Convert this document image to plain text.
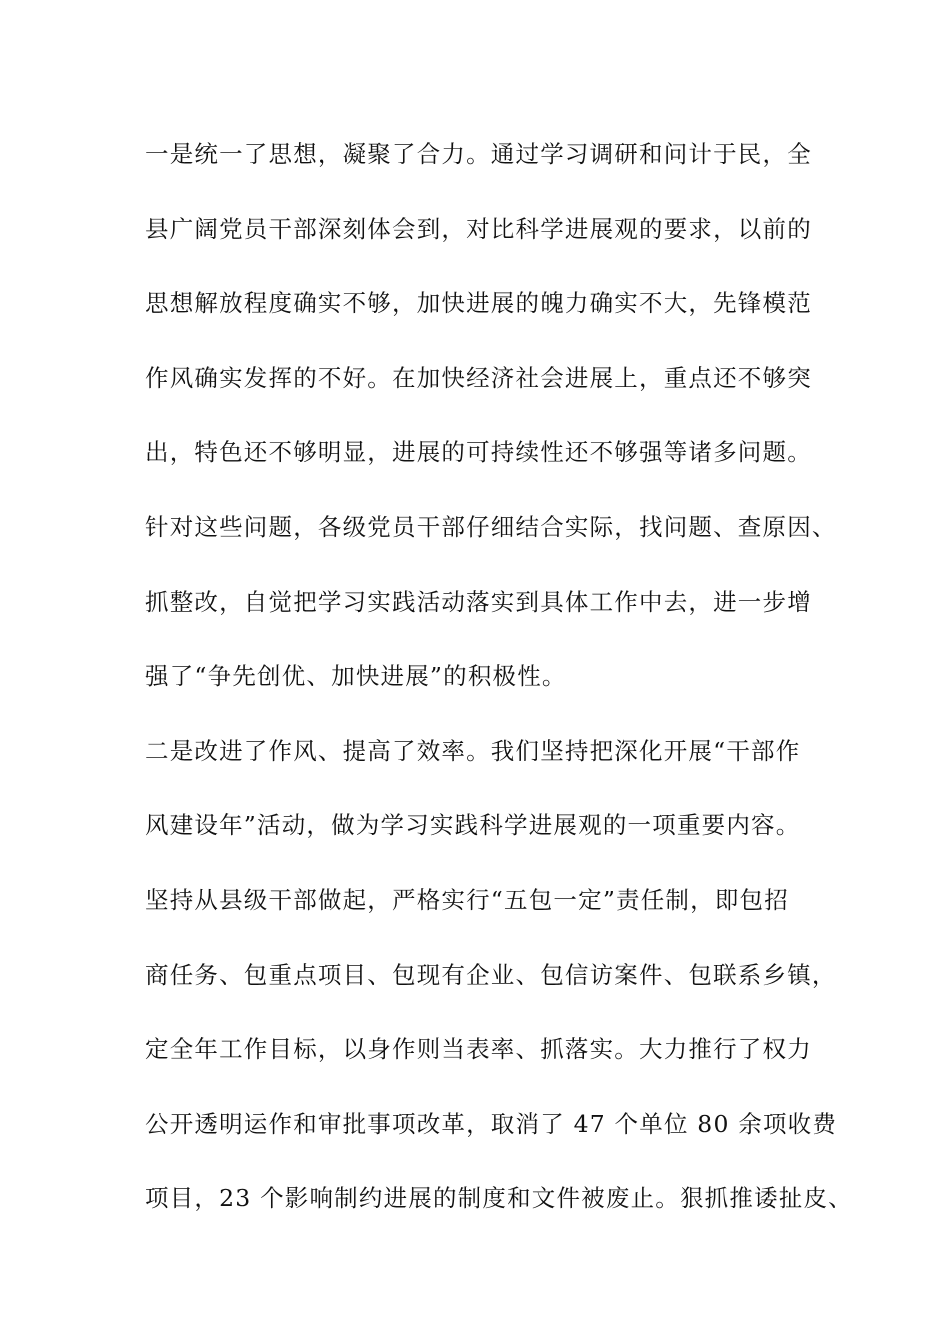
一是统一了思想，凝聚了合力。通过学习调研和问计于民，全
县广阔党员干部深刻体会到，对比科学进展观的要求，以前的
思想解放程度确实不够，加快进展的魄力确实不大，先锋模范
作风确实发挥的不好。在加快经济社会进展上，重点还不够突
出，特色还不够明显，进展的可持续性还不够强等诸多问题。
针对这些问题，各级党员干部仔细结合实际，找问题、查原因、
抓整改，自觉把学习实践活动落实到具体工作中去，进一步增
强了“争先创优、加快进展”的积极性。
二是改进了作风、提高了效率。我们坚持把深化开展“干部作
风建设年”活动，做为学习实践科学进展观的一项重要内容。
坚持从县级干部做起，严格实行“五包一定”责任制，即包招
商任务、包重点项目、包现有企业、包信访案件、包联系乡镇，
定全年工作目标，以身作则当表率、抓落实。大力推行了权力
公开透明运作和审批事项改革，取消了 47 个单位 80 余项收费
项目，23 个影响制约进展的制度和文件被废止。狠抓推诿扯皮、
